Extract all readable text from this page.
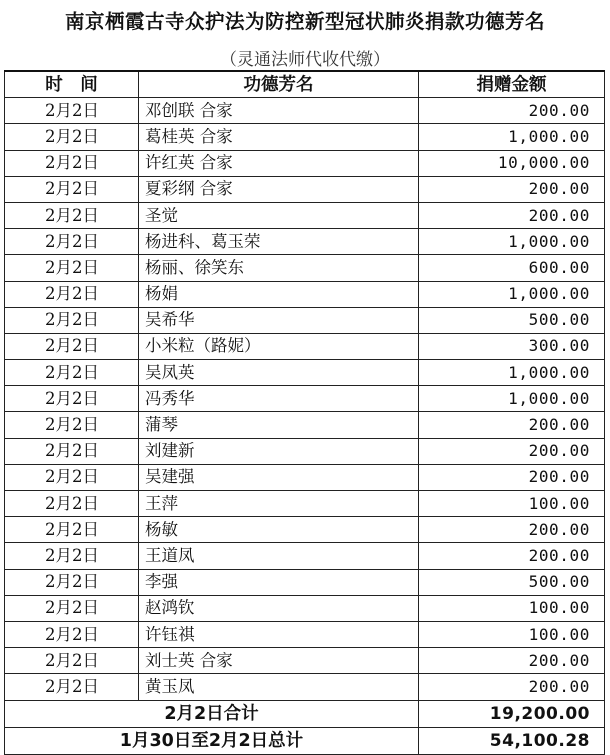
南京栖霞古寺众护法为防控新型冠状肺炎捐款功德芳名
（灵通法师代收代缴）
时　间	功德芳名	捐赠金额
2月2日	邓创联 合家	200.00
2月2日	葛桂英 合家	1,000.00
2月2日	许红英 合家	10,000.00
2月2日	夏彩纲 合家	200.00
2月2日	圣觉	200.00
2月2日	杨进科、葛玉荣	1,000.00
2月2日	杨丽、徐笑东	600.00
2月2日	杨娟	1,000.00
2月2日	吴希华	500.00
2月2日	小米粒（路妮）	300.00
2月2日	吴凤英	1,000.00
2月2日	冯秀华	1,000.00
2月2日	蒲琴	200.00
2月2日	刘建新	200.00
2月2日	吴建强	200.00
2月2日	王萍	100.00
2月2日	杨敏	200.00
2月2日	王道凤	200.00
2月2日	李强	500.00
2月2日	赵鸿钦	100.00
2月2日	许钰祺	100.00
2月2日	刘士英 合家	200.00
2月2日	黄玉凤	200.00
2月2日合计		19,200.00
1月30日至2月2日总计		54,100.28
